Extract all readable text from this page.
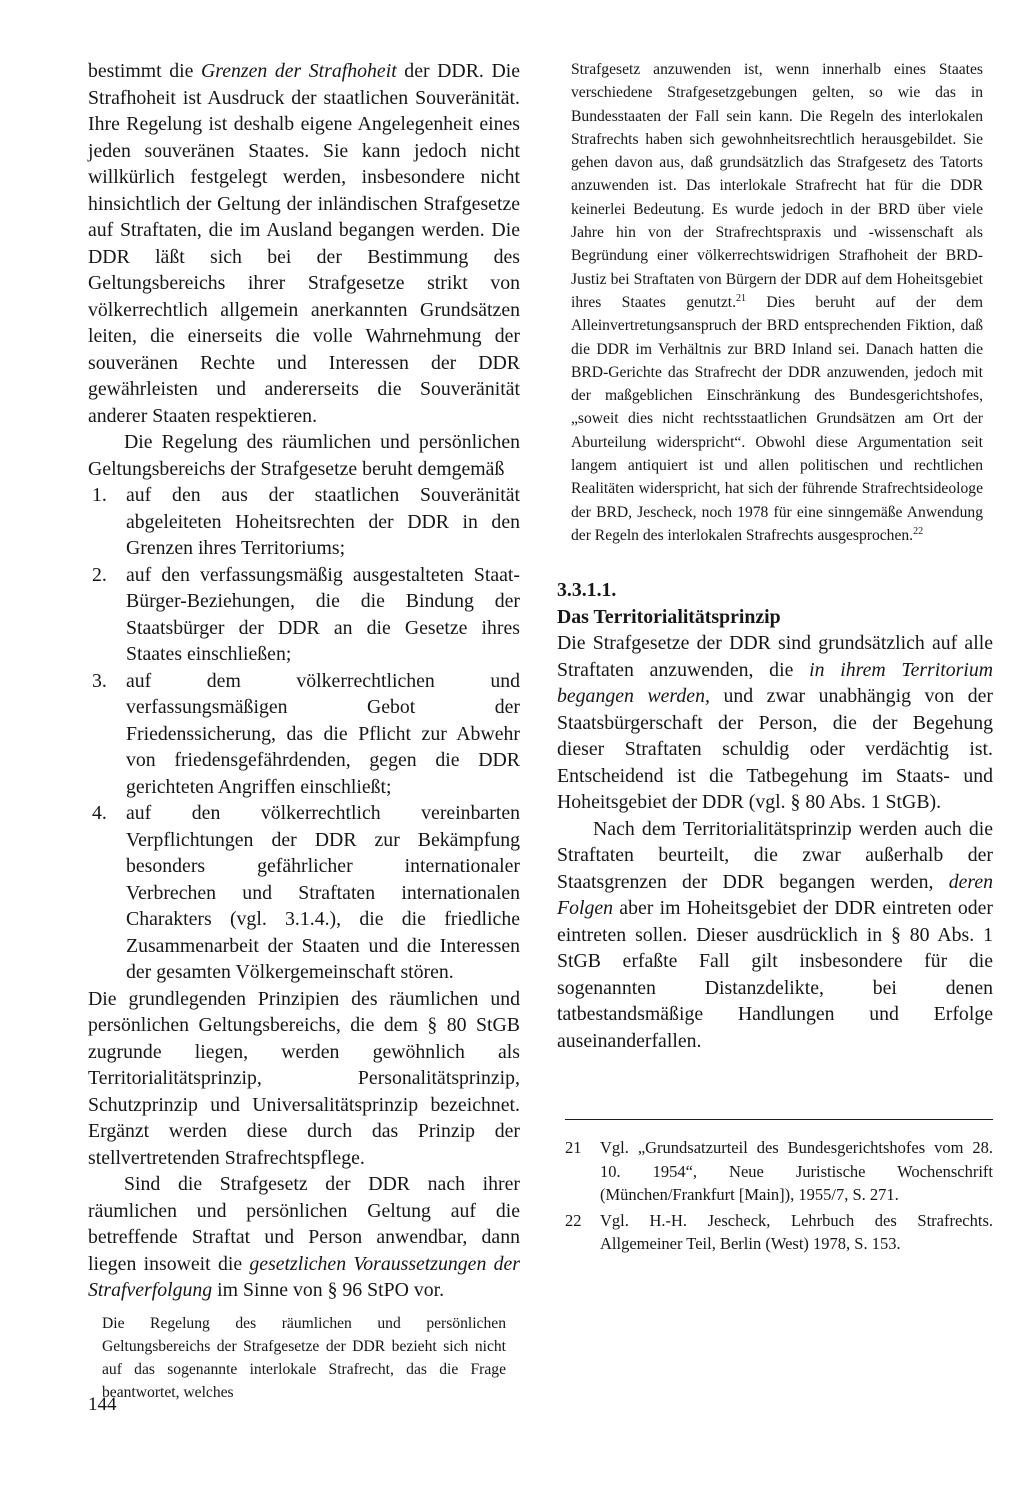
bestimmt die Grenzen der Strafhoheit der DDR. Die Strafhoheit ist Ausdruck der staatlichen Souveränität. Ihre Regelung ist deshalb eigene Angelegenheit eines jeden souveränen Staates. Sie kann jedoch nicht willkürlich festgelegt werden, insbesondere nicht hinsichtlich der Geltung der inländischen Strafgesetze auf Straftaten, die im Ausland begangen werden. Die DDR läßt sich bei der Bestimmung des Geltungsbereichs ihrer Strafgesetze strikt von völkerrechtlich allgemein anerkannten Grundsätzen leiten, die einerseits die volle Wahrnehmung der souveränen Rechte und Interessen der DDR gewährleisten und andererseits die Souveränität anderer Staaten respektieren.

Die Regelung des räumlichen und persönlichen Geltungsbereichs der Strafgesetze beruht demgemäß

1. auf den aus der staatlichen Souveränität abgeleiteten Hoheitsrechten der DDR in den Grenzen ihres Territoriums;
2. auf den verfassungsmäßig ausgestalteten Staat-Bürger-Beziehungen, die die Bindung der Staatsbürger der DDR an die Gesetze ihres Staates einschließen;
3. auf dem völkerrechtlichen und verfassungsmäßigen Gebot der Friedenssicherung, das die Pflicht zur Abwehr von friedensgefährdenden, gegen die DDR gerichteten Angriffen einschließt;
4. auf den völkerrechtlich vereinbarten Verpflichtungen der DDR zur Bekämpfung besonders gefährlicher internationaler Verbrechen und Straftaten internationalen Charakters (vgl. 3.1.4.), die die friedliche Zusammenarbeit der Staaten und die Interessen der gesamten Völkergemeinschaft stören.

Die grundlegenden Prinzipien des räumlichen und persönlichen Geltungsbereichs, die dem § 80 StGB zugrunde liegen, werden gewöhnlich als Territorialitätsprinzip, Personalitätsprinzip, Schutzprinzip und Universalitätsprinzip bezeichnet. Ergänzt werden diese durch das Prinzip der stellvertretenden Strafrechtspflege.

Sind die Strafgesetz der DDR nach ihrer räumlichen und persönlichen Geltung auf die betreffende Straftat und Person anwendbar, dann liegen insoweit die gesetzlichen Voraussetzungen der Strafverfolgung im Sinne von § 96 StPO vor.

Die Regelung des räumlichen und persönlichen Geltungsbereichs der Strafgesetze der DDR bezieht sich nicht auf das sogenannte interlokale Strafrecht, das die Frage beantwortet, welches

Strafgesetz anzuwenden ist, wenn innerhalb eines Staates verschiedene Strafgesetzgebungen gelten, so wie das in Bundesstaaten der Fall sein kann. Die Regeln des interlokalen Strafrechts haben sich gewohnheitsrechtlich herausgebildet. Sie gehen davon aus, daß grundsätzlich das Strafgesetz des Tatorts anzuwenden ist. Das interlokale Strafrecht hat für die DDR keinerlei Bedeutung. Es wurde jedoch in der BRD über viele Jahre hin von der Strafrechtspraxis und -wissenschaft als Begründung einer völkerrechtswidrigen Strafhoheit der BRD-Justiz bei Straftaten von Bürgern der DDR auf dem Hoheitsgebiet ihres Staates genutzt.$^{21}$ Dies beruht auf der dem Alleinvertretungsanspruch der BRD entsprechenden Fiktion, daß die DDR im Verhältnis zur BRD Inland sei. Danach hatten die BRD-Gerichte das Strafrecht der DDR anzuwenden, jedoch mit der maßgeblichen Einschränkung des Bundesgerichtshofes, „soweit dies nicht rechtsstaatlichen Grundsätzen am Ort der Aburteilung widerspricht“. Obwohl diese Argumentation seit langem antiquiert ist und allen politischen und rechtlichen Realitäten widerspricht, hat sich der führende Strafrechtsideologe der BRD, Jescheck, noch 1978 für eine sinngemäße Anwendung der Regeln des interlokalen Strafrechts ausgesprochen.$^{22}$

3.3.1.1.
Das Territorialitätsprinzip

Die Strafgesetze der DDR sind grundsätzlich auf alle Straftaten anzuwenden, die in ihrem Territorium begangen werden, und zwar unabhängig von der Staatsbürgerschaft der Person, die der Begehung dieser Straftaten schuldig oder verdächtig ist. Entscheidend ist die Tatbegehung im Staats- und Hoheitsgebiet der DDR (vgl. § 80 Abs. 1 StGB).

Nach dem Territorialitätsprinzip werden auch die Straftaten beurteilt, die zwar außerhalb der Staatsgrenzen der DDR begangen werden, deren Folgen aber im Hoheitsgebiet der DDR eintreten oder eintreten sollen. Dieser ausdrücklich in § 80 Abs. 1 StGB erfaßte Fall gilt insbesondere für die sogenannten Distanzdelikte, bei denen tatbestandsmäßige Handlungen und Erfolge auseinanderfallen.

21 Vgl. „Grundsatzurteil des Bundesgerichtshofes vom 28. 10. 1954“, Neue Juristische Wochenschrift (München/Frankfurt [Main]), 1955/7, S. 271.
22 Vgl. H.-H. Jescheck, Lehrbuch des Strafrechts. Allgemeiner Teil, Berlin (West) 1978, S. 153.
144
